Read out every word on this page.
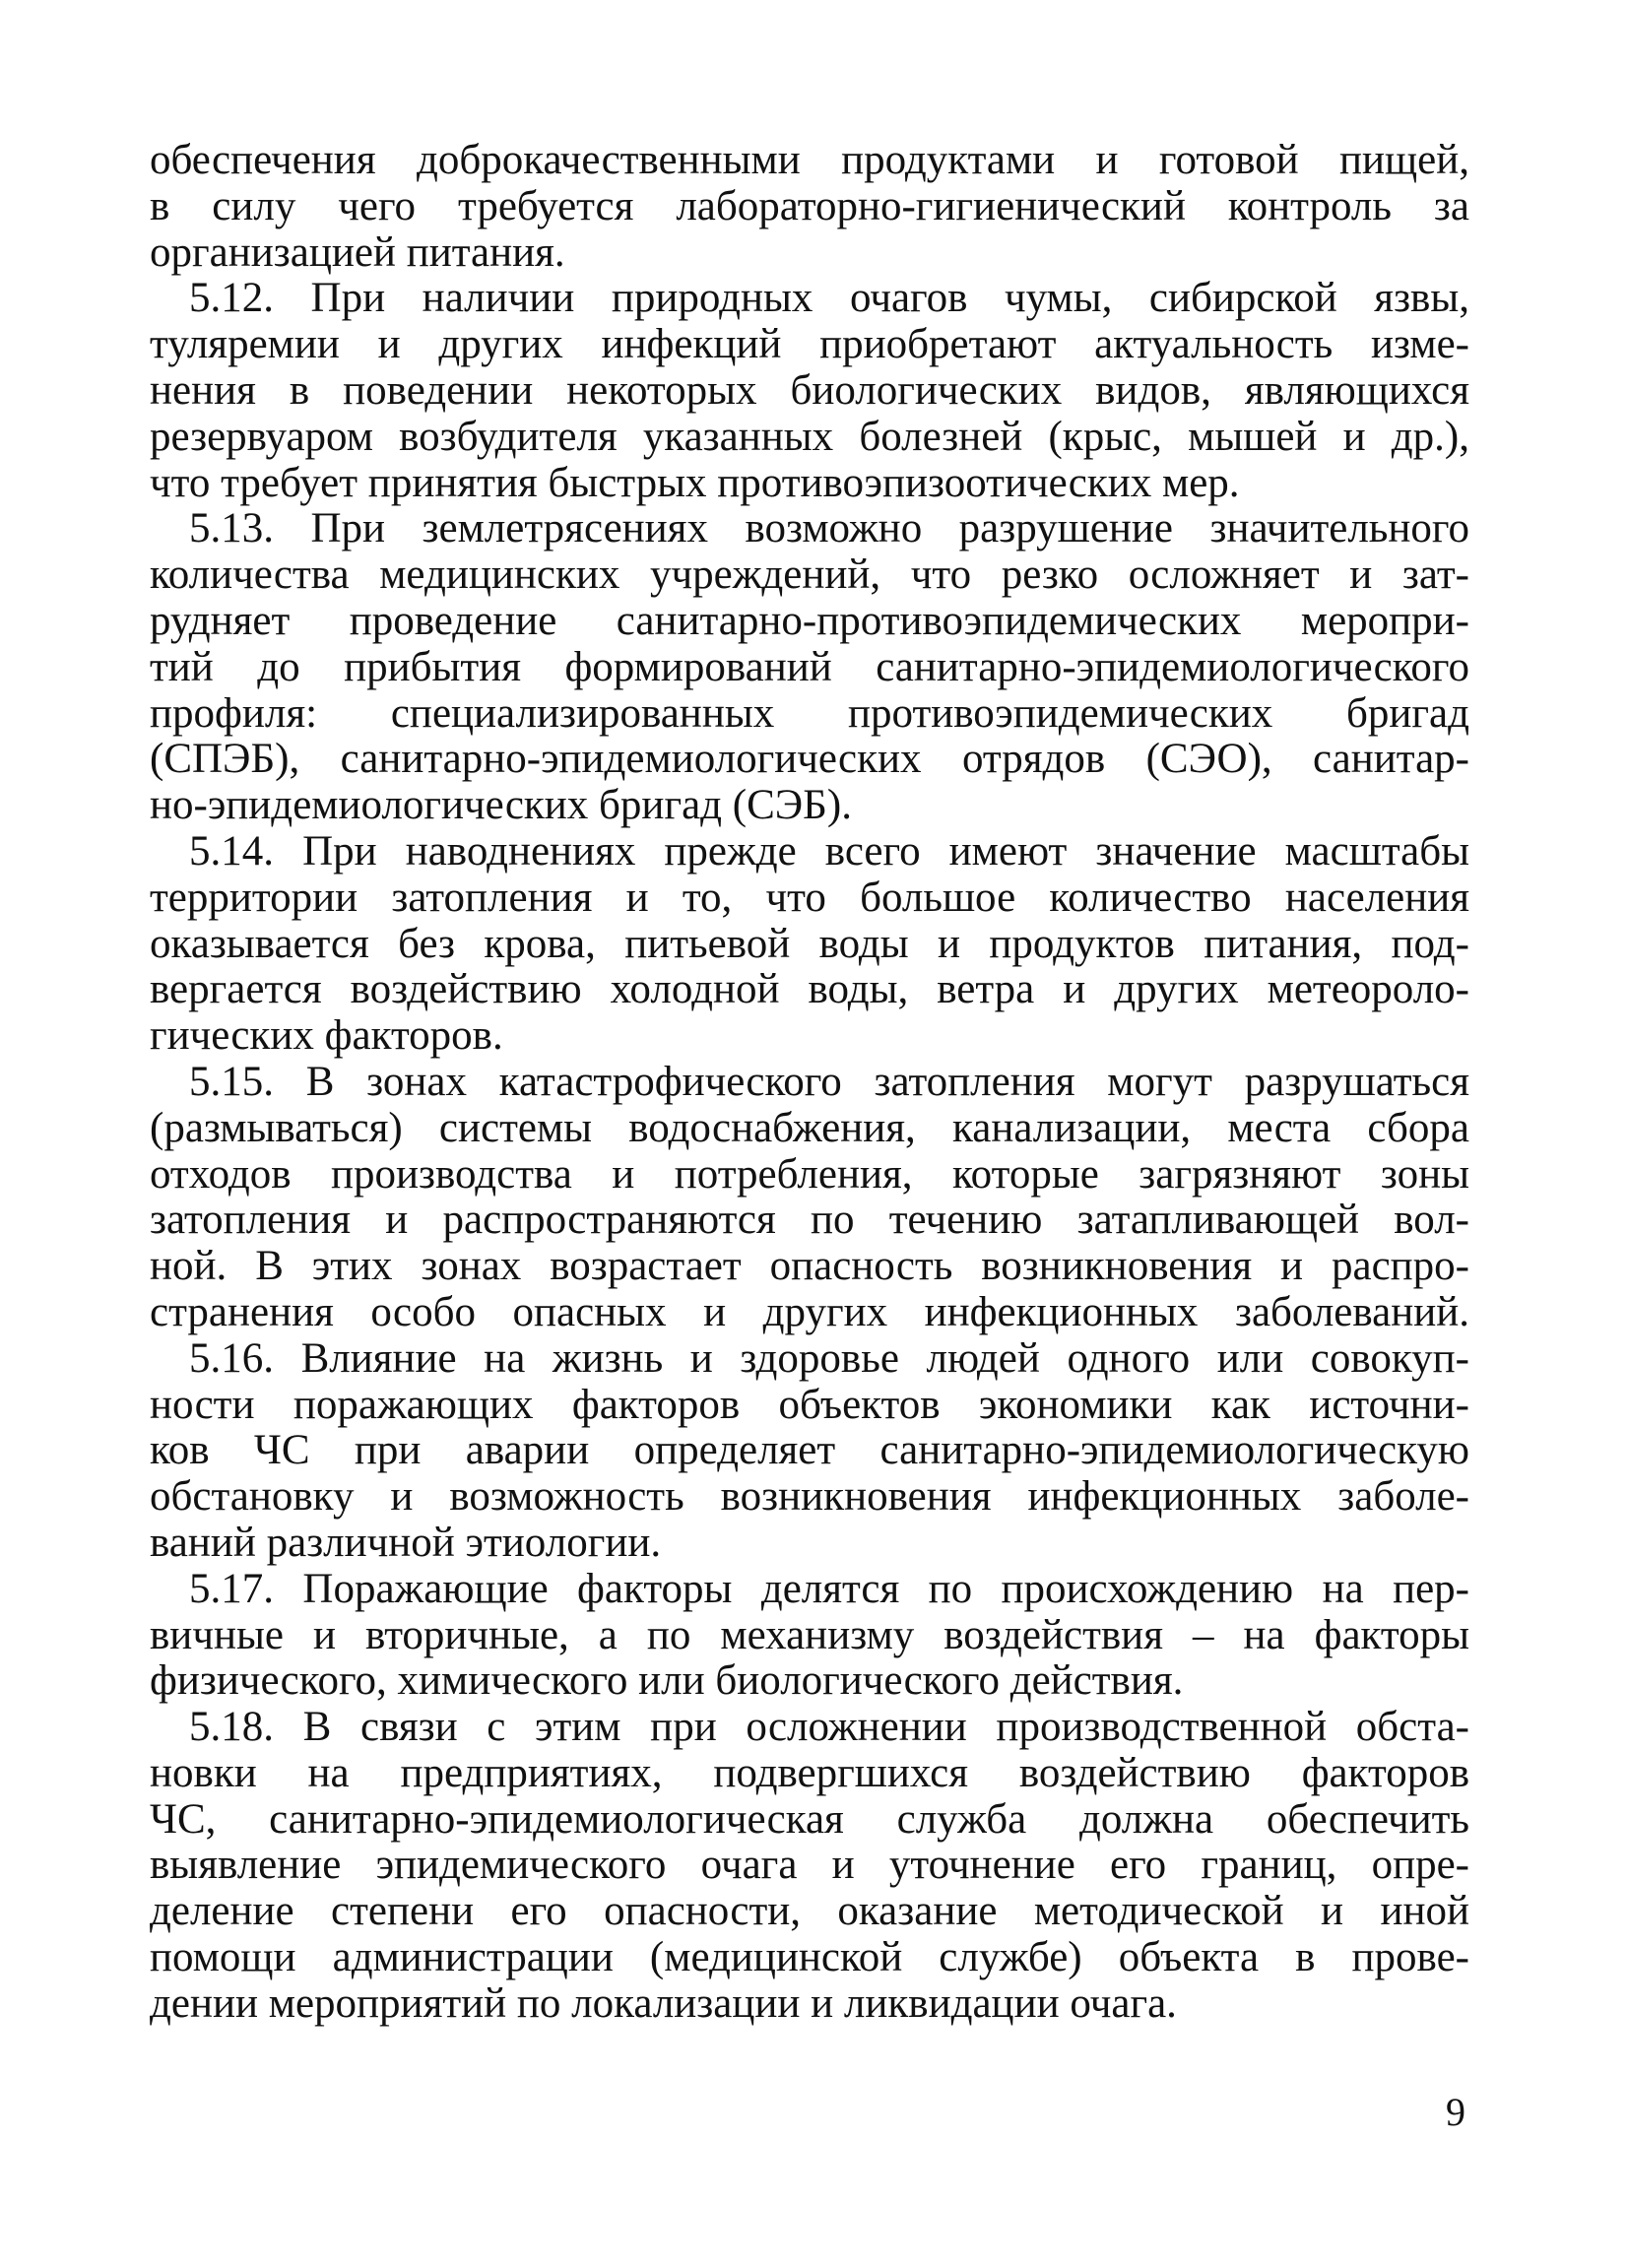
обеспечения доброкачественными продуктами и готовой пищей,
в силу чего требуется лабораторно-гигиенический контроль за
организацией питания.
5.12. При наличии природных очагов чумы, сибирской язвы,
туляремии и других инфекций приобретают актуальность изме-
нения в поведении некоторых биологических видов, являющихся
резервуаром возбудителя указанных болезней (крыс, мышей и др.),
что требует принятия быстрых противоэпизоотических мер.
5.13. При землетрясениях возможно разрушение значительного
количества медицинских учреждений, что резко осложняет и зат-
рудняет проведение санитарно-противоэпидемических меропри-
тий до прибытия формирований санитарно-эпидемиологического
профиля: специализированных противоэпидемических бригад
(СПЭБ), санитарно-эпидемиологических отрядов (СЭО), санитар-
но-эпидемиологических бригад (СЭБ).
5.14. При наводнениях прежде всего имеют значение масштабы
территории затопления и то, что большое количество населения
оказывается без крова, питьевой воды и продуктов питания, под-
вергается воздействию холодной воды, ветра и других метеороло-
гических факторов.
5.15. В зонах катастрофического затопления могут разрушаться
(размываться) системы водоснабжения, канализации, места сбора
отходов производства и потребления, которые загрязняют зоны
затопления и распространяются по течению затапливающей вол-
ной. В этих зонах возрастает опасность возникновения и распро-
странения особо опасных и других инфекционных заболеваний.
5.16. Влияние на жизнь и здоровье людей одного или совокуп-
ности поражающих факторов объектов экономики как источни-
ков ЧС при аварии определяет санитарно-эпидемиологическую
обстановку и возможность возникновения инфекционных заболе-
ваний различной этиологии.
5.17. Поражающие факторы делятся по происхождению на пер-
вичные и вторичные, а по механизму воздействия – на факторы
физического, химического или биологического действия.
5.18. В связи с этим при осложнении производственной обста-
новки на предприятиях, подвергшихся воздействию факторов
ЧС, санитарно-эпидемиологическая служба должна обеспечить
выявление эпидемического очага и уточнение его границ, опре-
деление степени его опасности, оказание методической и иной
помощи администрации (медицинской службе) объекта в прове-
дении мероприятий по локализации и ликвидации очага.
9
